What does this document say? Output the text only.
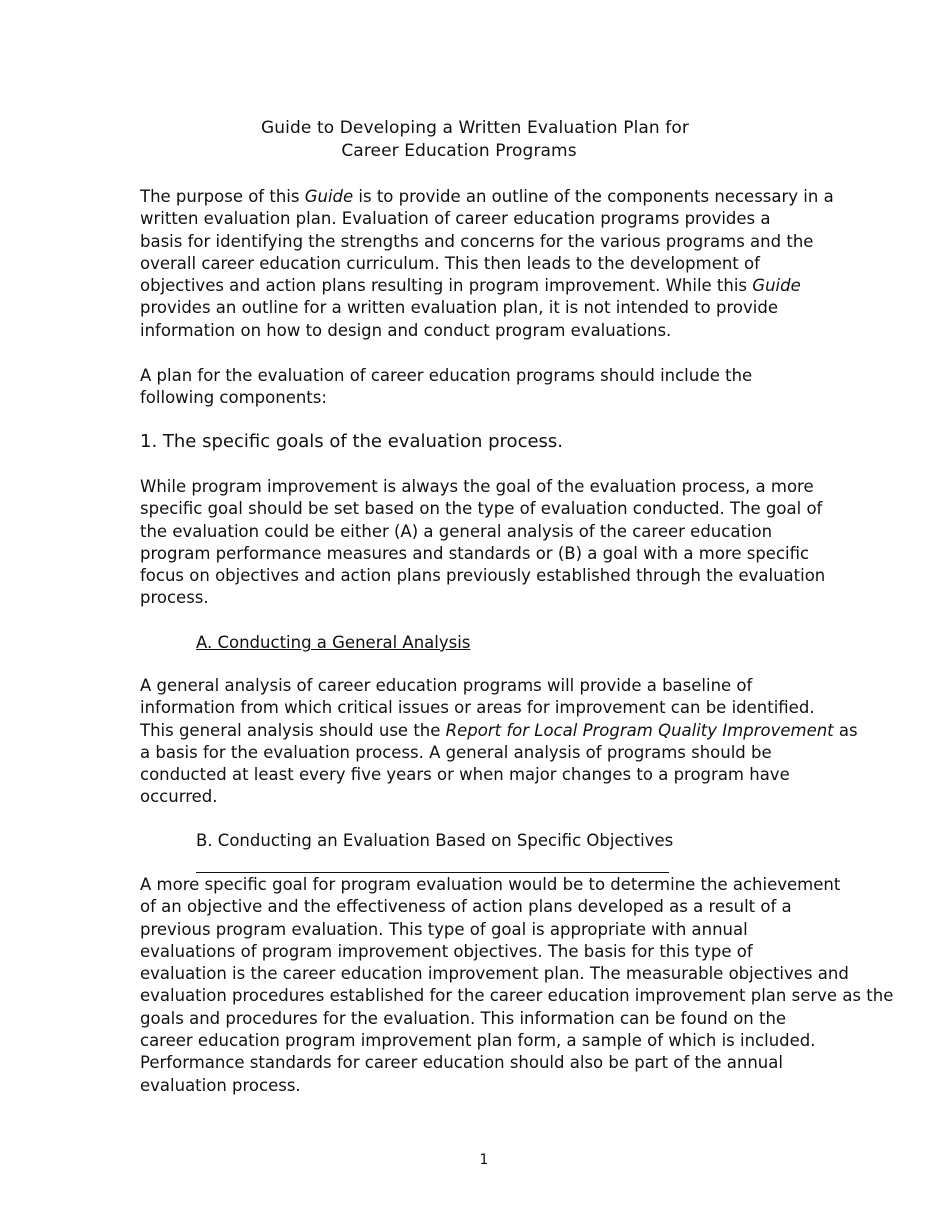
Guide to Developing a Written Evaluation Plan for
Career Education Programs
The purpose of this Guide is to provide an outline of the components necessary in a
written evaluation plan. Evaluation of career education programs provides a
basis for identifying the strengths and concerns for the various programs and the
overall career education curriculum. This then leads to the development of
objectives and action plans resulting in program improvement. While this Guide
provides an outline for a written evaluation plan, it is not intended to provide
information on how to design and conduct program evaluations.
A plan for the evaluation of career education programs should include the
following components:
1. The specific goals of the evaluation process.
While program improvement is always the goal of the evaluation process, a more
specific goal should be set based on the type of evaluation conducted. The goal of
the evaluation could be either (A) a general analysis of the career education
program performance measures and standards or (B) a goal with a more specific
focus on objectives and action plans previously established through the evaluation
process.
A. Conducting a General Analysis
A general analysis of career education programs will provide a baseline of
information from which critical issues or areas for improvement can be identified.
This general analysis should use the Report for Local Program Quality Improvement as
a basis for the evaluation process. A general analysis of programs should be
conducted at least every five years or when major changes to a program have
occurred.
B. Conducting an Evaluation Based on Specific Objectives
A more specific goal for program evaluation would be to determine the achievement
of an objective and the effectiveness of action plans developed as a result of a
previous program evaluation. This type of goal is appropriate with annual
evaluations of program improvement objectives. The basis for this type of
evaluation is the career education improvement plan. The measurable objectives and
evaluation procedures established for the career education improvement plan serve as the
goals and procedures for the evaluation. This information can be found on the
career education program improvement plan form, a sample of which is included.
Performance standards for career education should also be part of the annual
evaluation process.
1
